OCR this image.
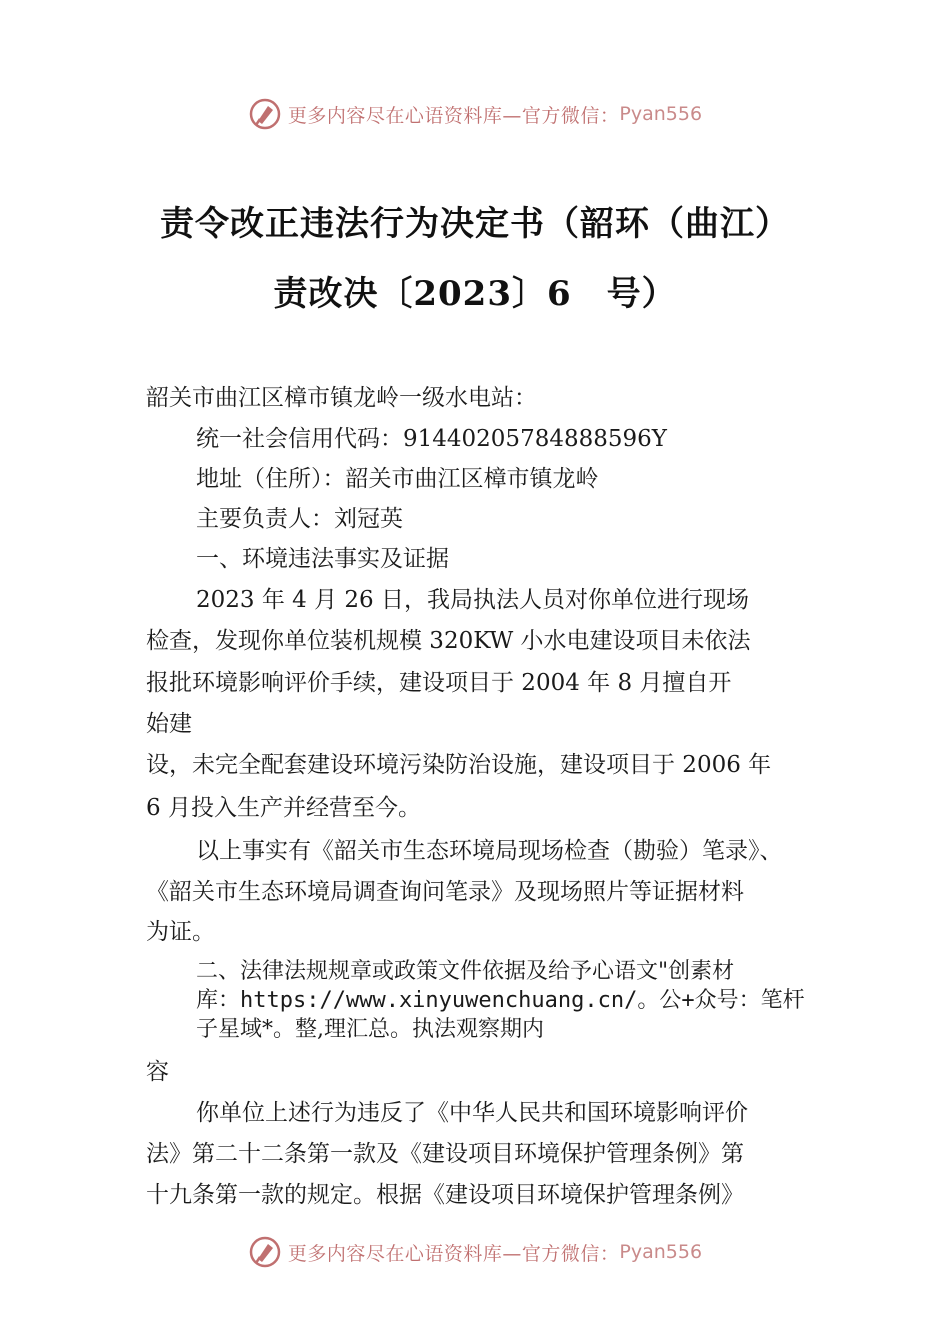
更多内容尽在心语资料库—官方微信： Pyan556
责令改正违法行为决定书（韶环（曲江）
责改决〔2023〕6　号）
韶关市曲江区樟市镇龙岭一级水电站：
统一社会信用代码：91440205784888596Y
地址（住所）：韶关市曲江区樟市镇龙岭
主要负责人：刘冠英
一、环境违法事实及证据
2023 年 4 月 26 日，我局执法人员对你单位进行现场
检查，发现你单位装机规模 320KW 小水电建设项目未依法
报批环境影响评价手续，建设项目于 2004 年 8 月擅自开
始建
设，未完全配套建设环境污染防治设施，建设项目于 2006 年
6 月投入生产并经营至今。
以上事实有《韶关市生态环境局现场检查（勘验）笔录》、
《韶关市生态环境局调查询问笔录》及现场照片等证据材料
为证。
二、法律法规规章或政策文件依据及给予心语文"创素材
库：https://www.xinyuwenchuang.cn/。公+众号：笔杆
子星域*。整,理汇总。执法观察期内
容
你单位上述行为违反了《中华人民共和国环境影响评价
法》第二十二条第一款及《建设项目环境保护管理条例》第
十九条第一款的规定。根据《建设项目环境保护管理条例》
更多内容尽在心语资料库—官方微信： Pyan556
